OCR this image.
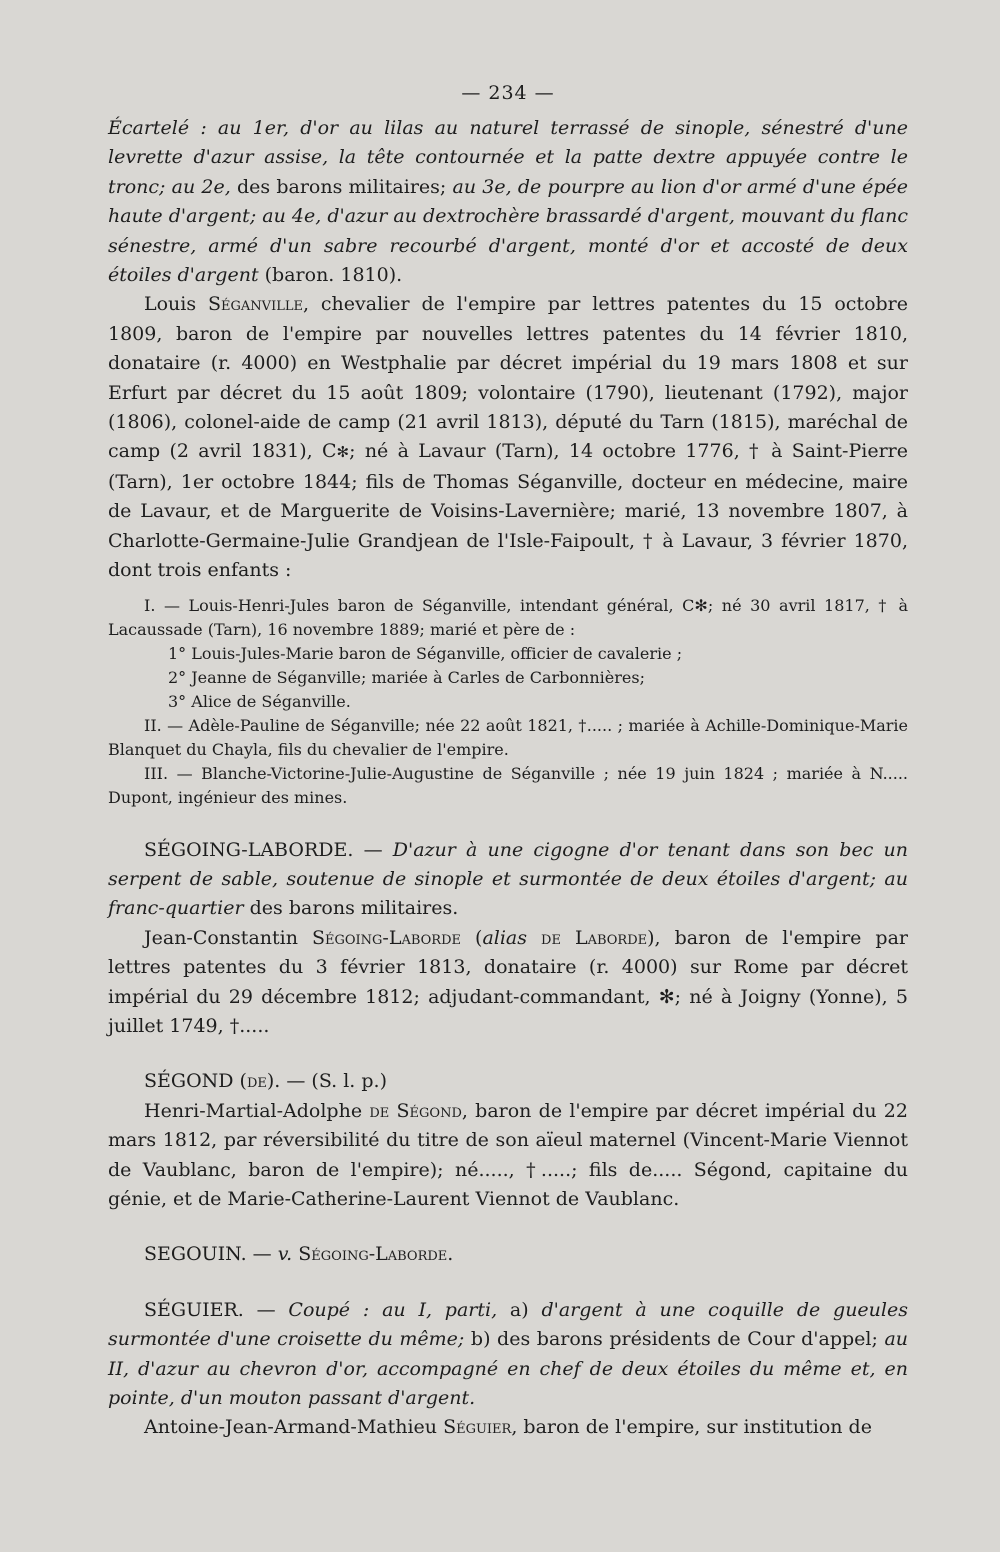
— 234 —

Écartelé : au 1er, d'or au lilas au naturel terrassé de sinople, sénestré d'une levrette d'azur assise, la tête contournée et la patte dextre appuyée contre le tronc; au 2e, des barons militaires; au 3e, de pourpre au lion d'or armé d'une épée haute d'argent; au 4e, d'azur au dextrochère brassardé d'argent, mouvant du flanc sénestre, armé d'un sabre recourbé d'argent, monté d'or et accosté de deux étoiles d'argent (baron. 1810).

Louis Séganville, chevalier de l'empire par lettres patentes du 15 octobre 1809, baron de l'empire par nouvelles lettres patentes du 14 février 1810, donataire (r. 4000) en Westphalie par décret impérial du 19 mars 1808 et sur Erfurt par décret du 15 août 1809; volontaire (1790), lieutenant (1792), major (1806), colonel-aide de camp (21 avril 1813), député du Tarn (1815), maréchal de camp (2 avril 1831), C✻; né à Lavaur (Tarn), 14 octobre 1776, † à Saint-Pierre (Tarn), 1er octobre 1844; fils de Thomas Séganville, docteur en médecine, maire de Lavaur, et de Marguerite de Voisins-Lavernière; marié, 13 novembre 1807, à Charlotte-Germaine-Julie Grandjean de l'Isle-Faipoult, † à Lavaur, 3 février 1870, dont trois enfants :

I. — Louis-Henri-Jules baron de Séganville, intendant général, C✻; né 30 avril 1817, † à Lacaussade (Tarn), 16 novembre 1889; marié et père de :

1° Louis-Jules-Marie baron de Séganville, officier de cavalerie ;

2° Jeanne de Séganville; mariée à Carles de Carbonnières;

3° Alice de Séganville.

II. — Adèle-Pauline de Séganville; née 22 août 1821, †..... ; mariée à Achille-Dominique-Marie Blanquet du Chayla, fils du chevalier de l'empire.

III. — Blanche-Victorine-Julie-Augustine de Séganville ; née 19 juin 1824 ; mariée à N..... Dupont, ingénieur des mines.

SÉGOING-LABORDE. — D'azur à une cigogne d'or tenant dans son bec un serpent de sable, soutenue de sinople et surmontée de deux étoiles d'argent; au franc-quartier des barons militaires.

Jean-Constantin Ségoing-Laborde (alias de Laborde), baron de l'empire par lettres patentes du 3 février 1813, donataire (r. 4000) sur Rome par décret impérial du 29 décembre 1812; adjudant-commandant, ✻; né à Joigny (Yonne), 5 juillet 1749, †.....

SÉGOND (de). — (S. l. p.)

Henri-Martial-Adolphe de Ségond, baron de l'empire par décret impérial du 22 mars 1812, par réversibilité du titre de son aïeul maternel (Vincent-Marie Viennot de Vaublanc, baron de l'empire); né....., †.....; fils de..... Ségond, capitaine du génie, et de Marie-Catherine-Laurent Viennot de Vaublanc.

SEGOUIN. — v. Ségoing-Laborde.

SÉGUIER. — Coupé : au I, parti, a) d'argent à une coquille de gueules surmontée d'une croisette du même; b) des barons présidents de Cour d'appel; au II, d'azur au chevron d'or, accompagné en chef de deux étoiles du même et, en pointe, d'un mouton passant d'argent.

Antoine-Jean-Armand-Mathieu Séguier, baron de l'empire, sur institution de
